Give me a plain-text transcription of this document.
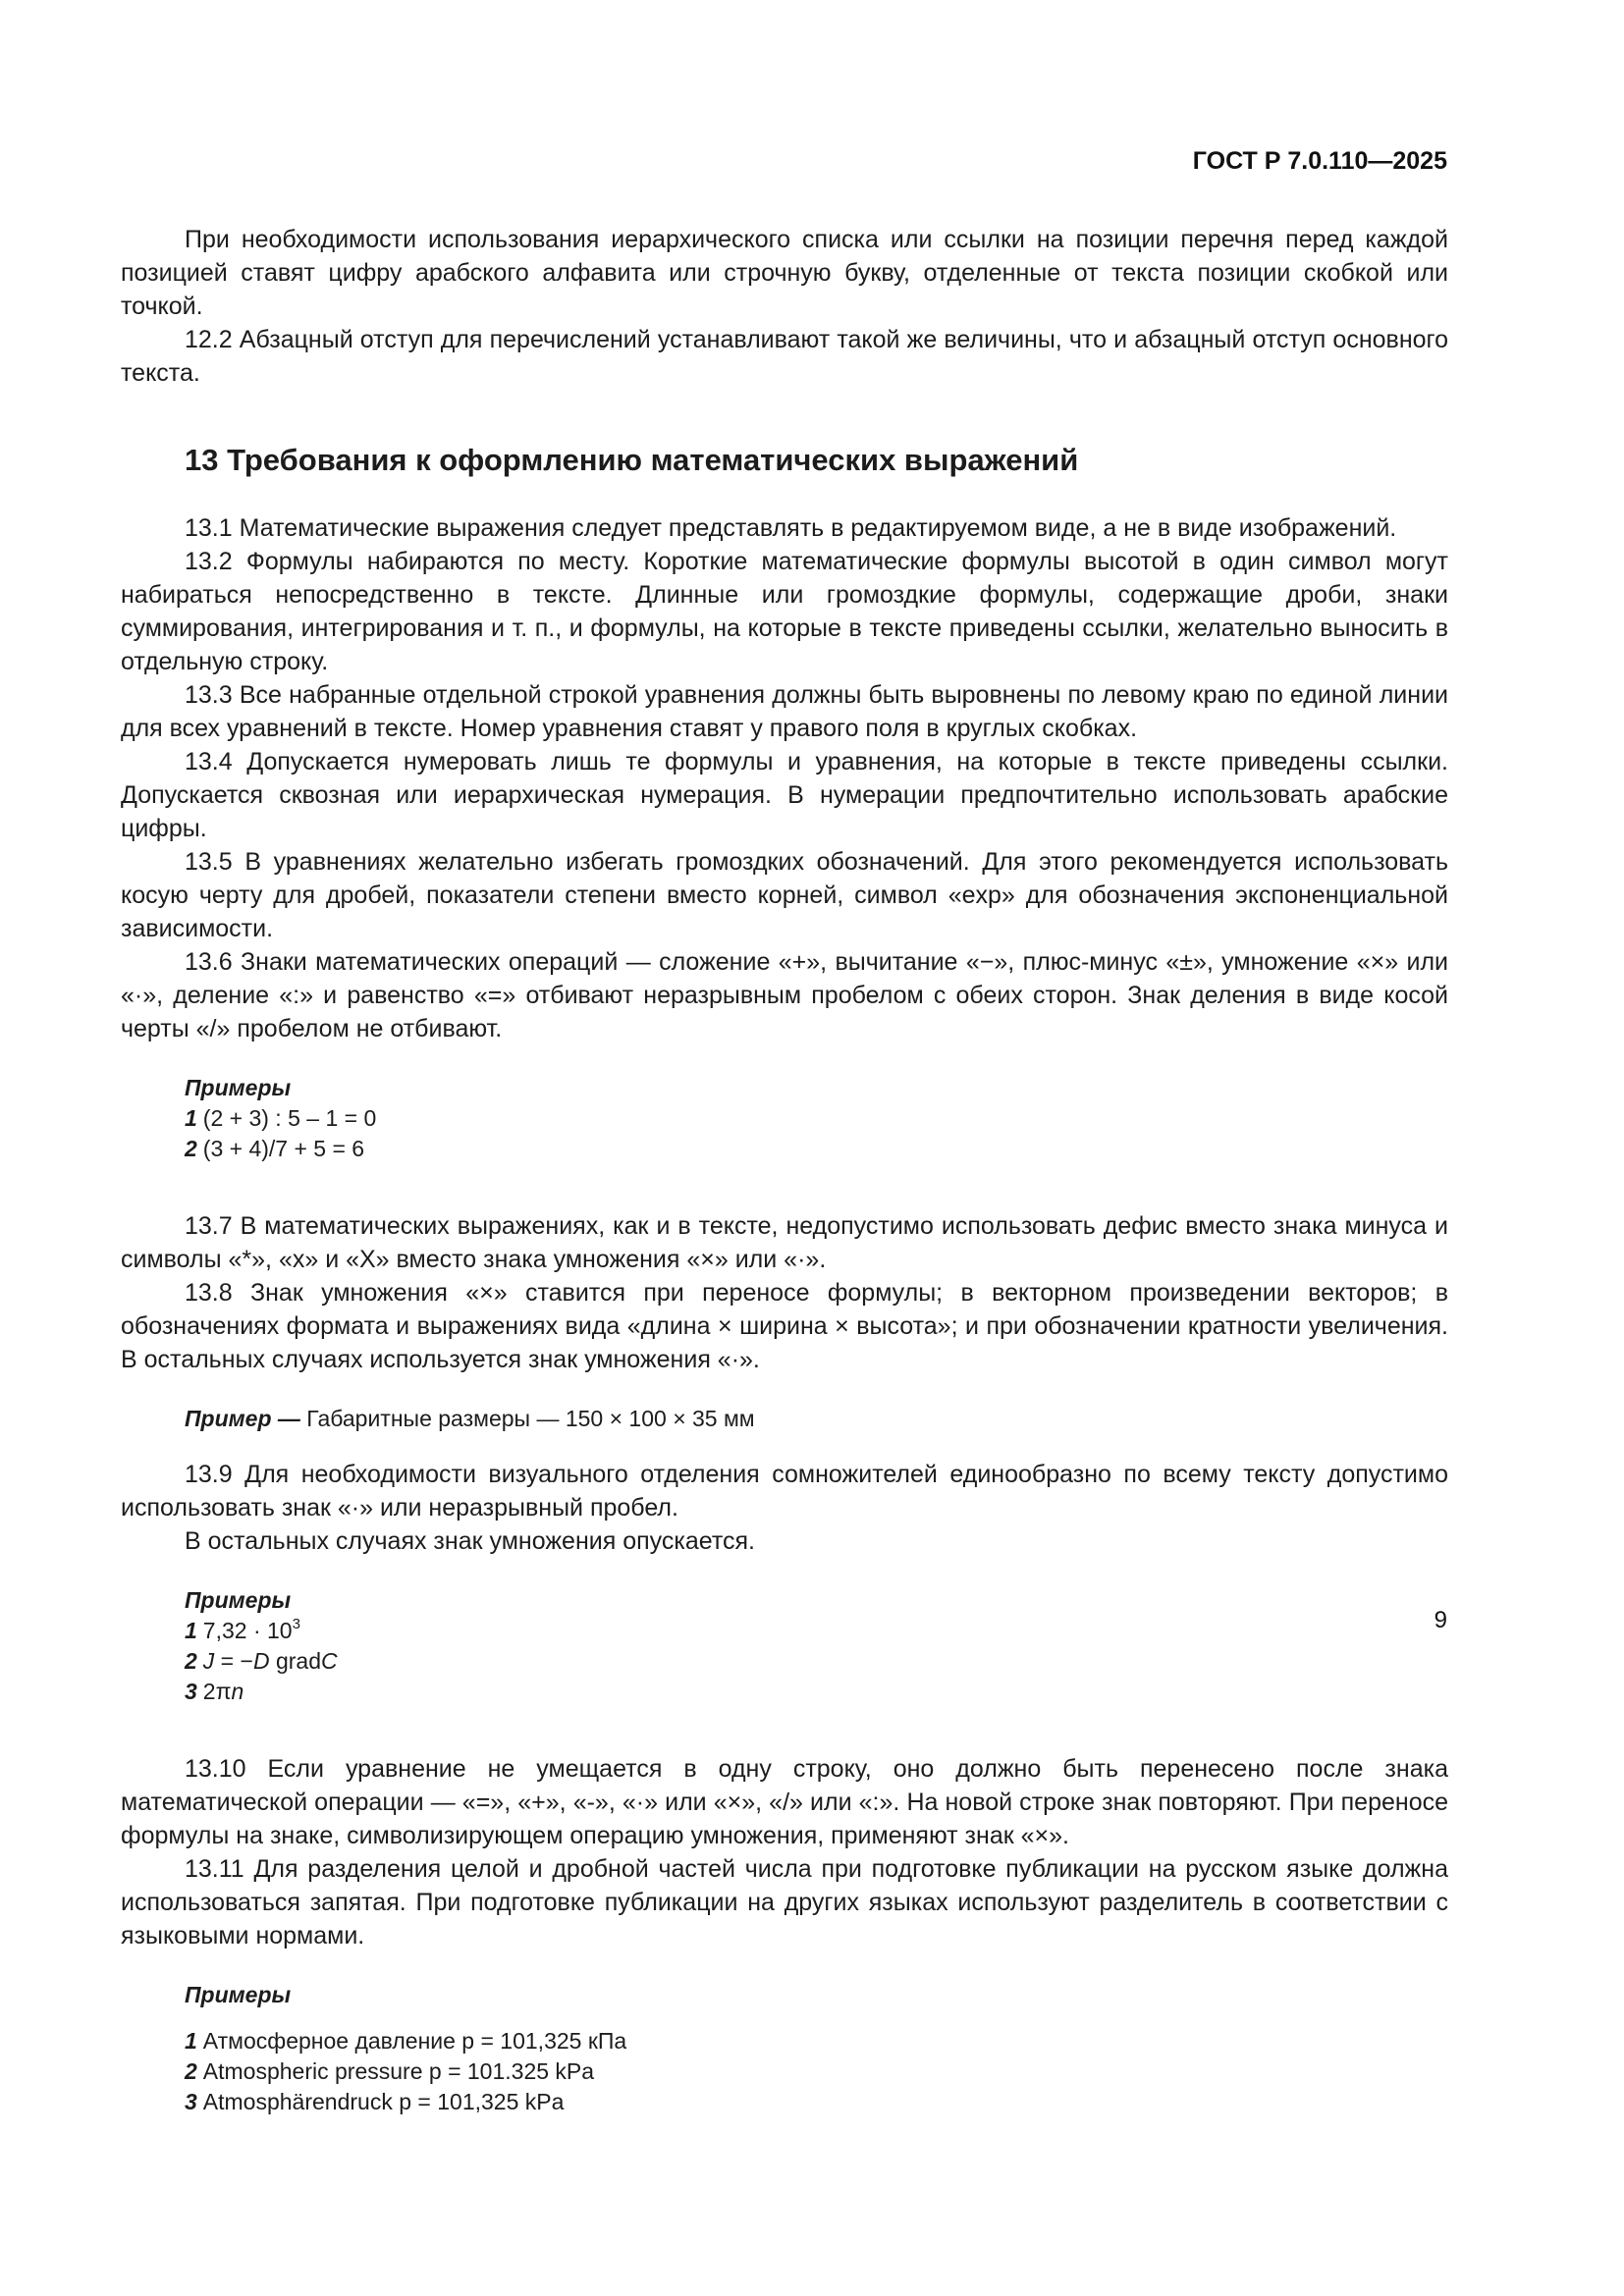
ГОСТ Р 7.0.110—2025

При необходимости использования иерархического списка или ссылки на позиции перечня перед каждой позицией ставят цифру арабского алфавита или строчную букву, отделенные от текста позиции скобкой или точкой.

12.2 Абзацный отступ для перечислений устанавливают такой же величины, что и абзацный отступ основного текста.

13 Требования к оформлению математических выражений

13.1 Математические выражения следует представлять в редактируемом виде, а не в виде изображений.

13.2 Формулы набираются по месту. Короткие математические формулы высотой в один символ могут набираться непосредственно в тексте. Длинные или громоздкие формулы, содержащие дроби, знаки суммирования, интегрирования и т. п., и формулы, на которые в тексте приведены ссылки, желательно выносить в отдельную строку.

13.3 Все набранные отдельной строкой уравнения должны быть выровнены по левому краю по единой линии для всех уравнений в тексте. Номер уравнения ставят у правого поля в круглых скобках.

13.4 Допускается нумеровать лишь те формулы и уравнения, на которые в тексте приведены ссылки. Допускается сквозная или иерархическая нумерация. В нумерации предпочтительно использовать арабские цифры.

13.5 В уравнениях желательно избегать громоздких обозначений. Для этого рекомендуется использовать косую черту для дробей, показатели степени вместо корней, символ «exp» для обозначения экспоненциальной зависимости.

13.6 Знаки математических операций — сложение «+», вычитание «−», плюс-минус «±», умножение «×» или «·», деление «:» и равенство «=» отбивают неразрывным пробелом с обеих сторон. Знак деления в виде косой черты «/» пробелом не отбивают.

Примеры
1 (2 + 3) : 5 – 1 = 0
2 (3 + 4)/7 + 5 = 6

13.7 В математических выражениях, как и в тексте, недопустимо использовать дефис вместо знака минуса и символы «*», «x» и «X» вместо знака умножения «×» или «·».

13.8 Знак умножения «×» ставится при переносе формулы; в векторном произведении векторов; в обозначениях формата и выражениях вида «длина × ширина × высота»; и при обозначении кратности увеличения. В остальных случаях используется знак умножения «·».

Пример — Габаритные размеры — 150 × 100 × 35 мм

13.9 Для необходимости визуального отделения сомножителей единообразно по всему тексту допустимо использовать знак «·» или неразрывный пробел.

В остальных случаях знак умножения опускается.

Примеры
1 $7,32 \cdot 10^3$
2 J = −D gradC
3 2πn

13.10 Если уравнение не умещается в одну строку, оно должно быть перенесено после знака математической операции — «=», «+», «-», «·» или «×», «/» или «:». На новой строке знак повторяют. При переносе формулы на знаке, символизирующем операцию умножения, применяют знак «×».

13.11 Для разделения целой и дробной частей числа при подготовке публикации на русском языке должна использоваться запятая. При подготовке публикации на других языках используют разделитель в соответствии с языковыми нормами.

Примеры
1 Атмосферное давление p = 101,325 кПа
2 Atmospheric pressure p = 101.325 kPa
3 Atmosphärendruck p = 101,325 kPa
9
